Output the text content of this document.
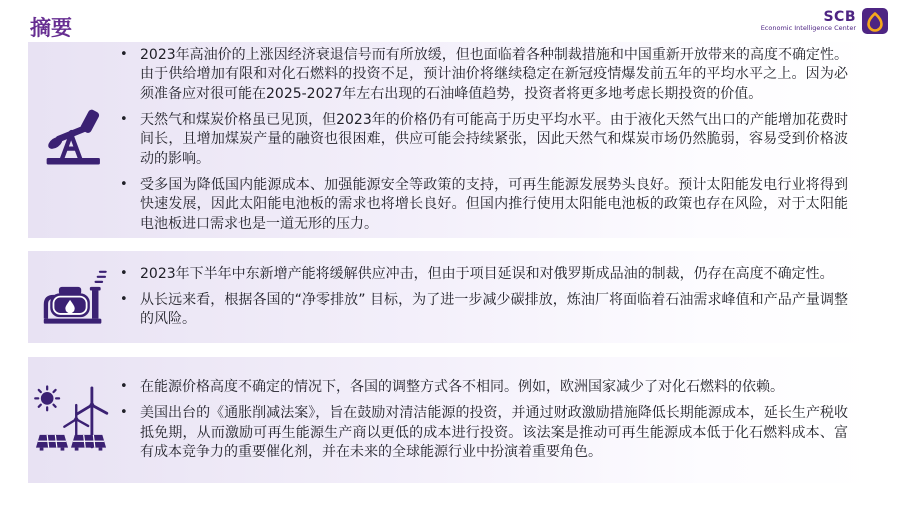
摘要	SCB
Economic Intelligence Center
• 2023年高油价的上涨因经济衰退信号而有所放缓，但也面临着各种制裁措施和中国重新开放带来的高度不确定性。由于供给增加有限和对化石燃料的投资不足，预计油价将继续稳定在新冠疫情爆发前五年的平均水平之上。因为必须准备应对很可能在2025-2027年左右出现的石油峰值趋势，投资者将更多地考虑长期投资的价值。
• 天然气和煤炭价格虽已见顶，但2023年的价格仍有可能高于历史平均水平。由于液化天然气出口的产能增加花费时间长，且增加煤炭产量的融资也很困难，供应可能会持续紧张，因此天然气和煤炭市场仍然脆弱，容易受到价格波动的影响。
• 受多国为降低国内能源成本、加强能源安全等政策的支持，可再生能源发展势头良好。预计太阳能发电行业将得到快速发展，因此太阳能电池板的需求也将增长良好。但国内推行使用太阳能电池板的政策也存在风险，对于太阳能电池板进口需求也是一道无形的压力。
• 2023年下半年中东新增产能将缓解供应冲击，但由于项目延误和对俄罗斯成品油的制裁，仍存在高度不确定性。
• 从长远来看，根据各国的“净零排放” 目标，为了进一步减少碳排放，炼油厂将面临着石油需求峰值和产品产量调整的风险。
• 在能源价格高度不确定的情况下，各国的调整方式各不相同。例如，欧洲国家减少了对化石燃料的依赖。
• 美国出台的《通胀削减法案》，旨在鼓励对清洁能源的投资，并通过财政激励措施降低长期能源成本，延长生产税收抵免期，从而激励可再生能源生产商以更低的成本进行投资。该法案是推动可再生能源成本低于化石燃料成本、富有成本竞争力的重要催化剂，并在未来的全球能源行业中扮演着重要角色。
